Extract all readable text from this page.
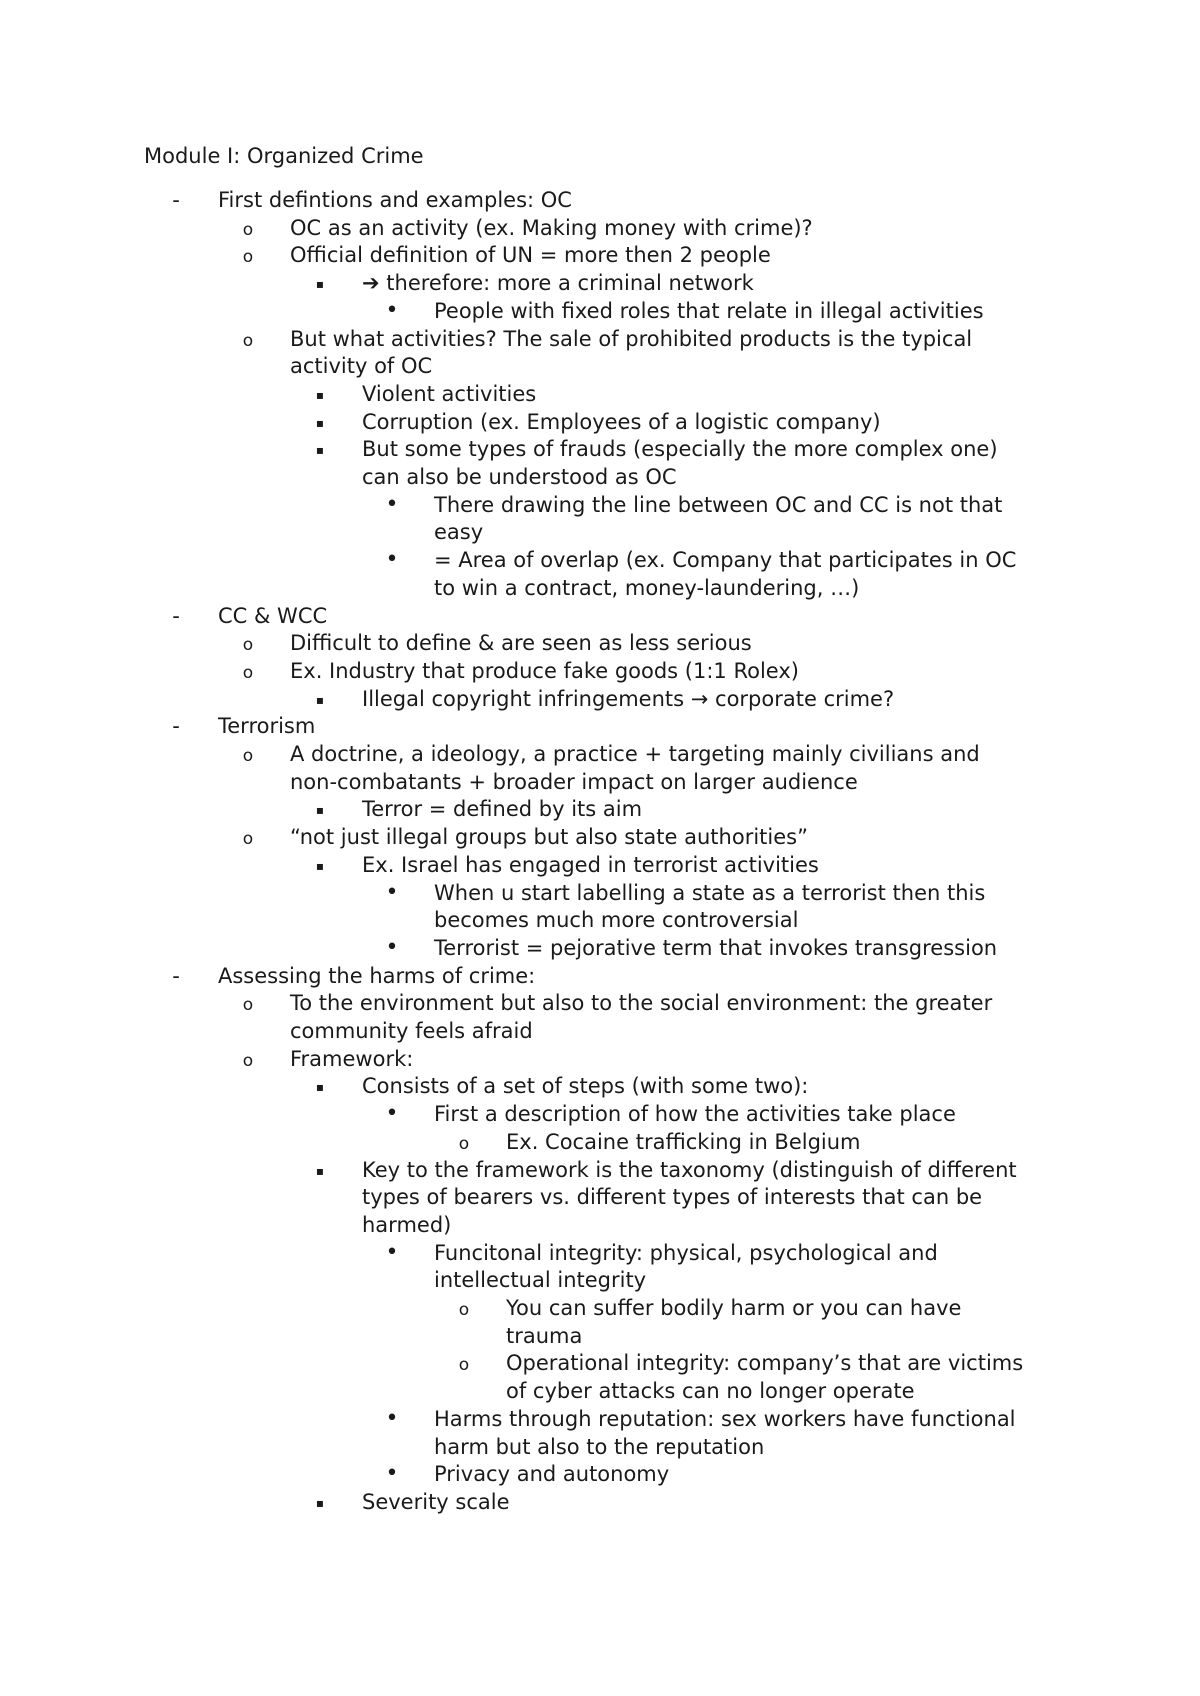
Module I: Organized Crime
- First defintions and examples: OC
o OC as an activity (ex. Making money with crime)?
o Official definition of UN = more then 2 people
▪ ➔ therefore: more a criminal network
• People with fixed roles that relate in illegal activities
o But what activities? The sale of prohibited products is the typical
activity of OC
▪ Violent activities
▪ Corruption (ex. Employees of a logistic company)
▪ But some types of frauds (especially the more complex one)
can also be understood as OC
• There drawing the line between OC and CC is not that
easy
• = Area of overlap (ex. Company that participates in OC
to win a contract, money-laundering, …)
- CC & WCC
o Difficult to define & are seen as less serious
o Ex. Industry that produce fake goods (1:1 Rolex)
▪ Illegal copyright infringements → corporate crime?
- Terrorism
o A doctrine, a ideology, a practice + targeting mainly civilians and
non-combatants + broader impact on larger audience
▪ Terror = defined by its aim
o “not just illegal groups but also state authorities”
▪ Ex. Israel has engaged in terrorist activities
• When u start labelling a state as a terrorist then this
becomes much more controversial
• Terrorist = pejorative term that invokes transgression
- Assessing the harms of crime:
o To the environment but also to the social environment: the greater
community feels afraid
o Framework:
▪ Consists of a set of steps (with some two):
• First a description of how the activities take place
o Ex. Cocaine trafficking in Belgium
▪ Key to the framework is the taxonomy (distinguish of different
types of bearers vs. different types of interests that can be
harmed)
• Funcitonal integrity: physical, psychological and
intellectual integrity
o You can suffer bodily harm or you can have
trauma
o Operational integrity: company’s that are victims
of cyber attacks can no longer operate
• Harms through reputation: sex workers have functional
harm but also to the reputation
• Privacy and autonomy
▪ Severity scale
